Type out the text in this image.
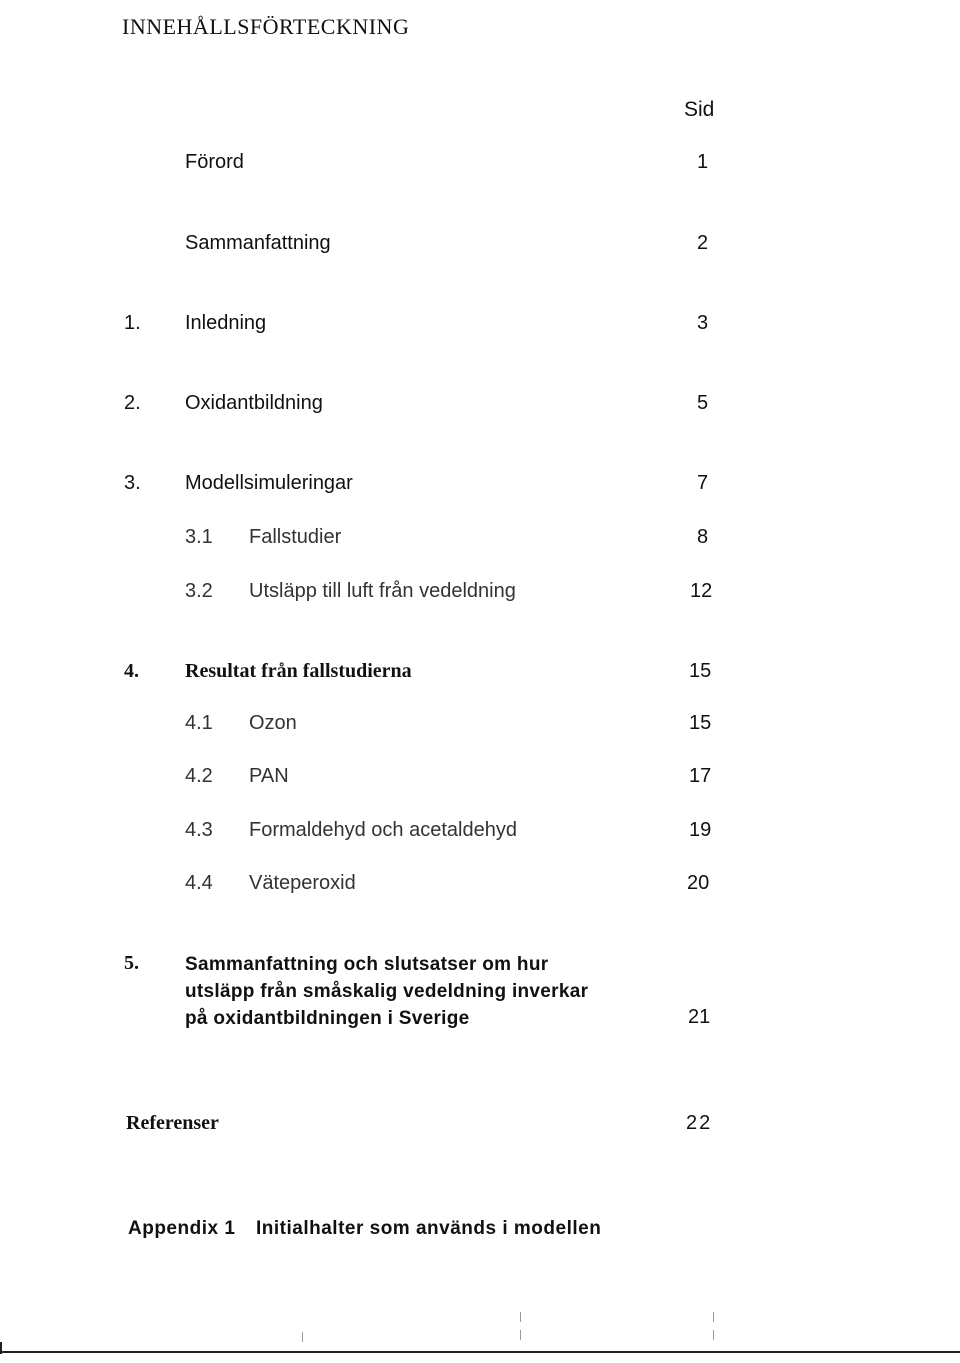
INNEHÅLLSFÖRTECKNING
Sid
Förord	1
Sammanfattning	2
1. Inledning	3
2. Oxidantbildning	5
3. Modellsimuleringar	7
3.1 Fallstudier	8
3.2 Utsläpp till luft från vedeldning	12
4. Resultat från fallstudierna	15
4.1 Ozon	15
4.2 PAN	17
4.3 Formaldehyd och acetaldehyd	19
4.4 Väteperoxid	20
5. Sammanfattning och slutsatser om hur
utsläpp från småskalig vedeldning inverkar
på oxidantbildningen i Sverige	21
Referenser	22
Appendix 1 Initialhalter som används i modellen
